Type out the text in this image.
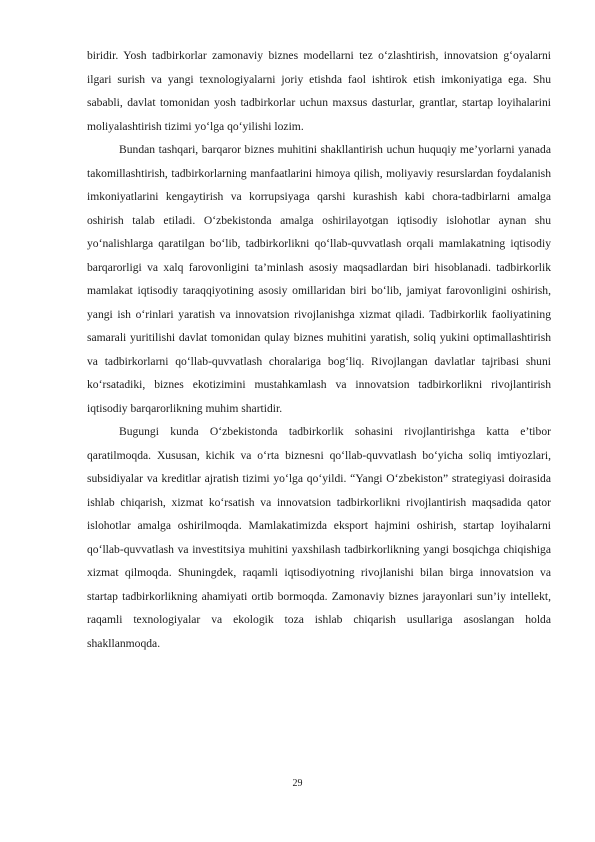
biridir. Yosh tadbirkorlar zamonaviy biznes modellarni tez o‘zlashtirish, innovatsion g‘oyalarni ilgari surish va yangi texnologiyalarni joriy etishda faol ishtirok etish imkoniyatiga ega. Shu sababli, davlat tomonidan yosh tadbirkorlar uchun maxsus dasturlar, grantlar, startap loyihalarini moliyalashtirish tizimi yo‘lga qo‘yilishi lozim.

Bundan tashqari, barqaror biznes muhitini shakllantirish uchun huquqiy me’yorlarni yanada takomillashtirish, tadbirkorlarning manfaatlarini himoya qilish, moliyaviy resurslardan foydalanish imkoniyatlarini kengaytirish va korrupsiyaga qarshi kurashish kabi chora-tadbirlarni amalga oshirish talab etiladi. O‘zbekistonda amalga oshirilayotgan iqtisodiy islohotlar aynan shu yo‘nalishlarga qaratilgan bo‘lib, tadbirkorlikni qo‘llab-quvvatlash orqali mamlakatning iqtisodiy barqarorligi va xalq farovonligini ta’minlash asosiy maqsadlardan biri hisoblanadi. tadbirkorlik mamlakat iqtisodiy taraqqiyotining asosiy omillaridan biri bo‘lib, jamiyat farovonligini oshirish, yangi ish o‘rinlari yaratish va innovatsion rivojlanishga xizmat qiladi. Tadbirkorlik faoliyatining samarali yuritilishi davlat tomonidan qulay biznes muhitini yaratish, soliq yukini optimallashtirish va tadbirkorlarni qo‘llab-quvvatlash choralariga bog‘liq. Rivojlangan davlatlar tajribasi shuni ko‘rsatadiki, biznes ekotizimini mustahkamlash va innovatsion tadbirkorlikni rivojlantirish iqtisodiy barqarorlikning muhim shartidir.

Bugungi kunda O‘zbekistonda tadbirkorlik sohasini rivojlantirishga katta e’tibor qaratilmoqda. Xususan, kichik va o‘rta biznesni qo‘llab-quvvatlash bo‘yicha soliq imtiyozlari, subsidiyalar va kreditlar ajratish tizimi yo‘lga qo‘yildi. “Yangi O‘zbekiston” strategiyasi doirasida ishlab chiqarish, xizmat ko‘rsatish va innovatsion tadbirkorlikni rivojlantirish maqsadida qator islohotlar amalga oshirilmoqda. Mamlakatimizda eksport hajmini oshirish, startap loyihalarni qo‘llab-quvvatlash va investitsiya muhitini yaxshilash tadbirkorlikning yangi bosqichga chiqishiga xizmat qilmoqda. Shuningdek, raqamli iqtisodiyotning rivojlanishi bilan birga innovatsion va startap tadbirkorlikning ahamiyati ortib bormoqda. Zamonaviy biznes jarayonlari sun’iy intellekt, raqamli texnologiyalar va ekologik toza ishlab chiqarish usullariga asoslangan holda shakllanmoqda.

29
